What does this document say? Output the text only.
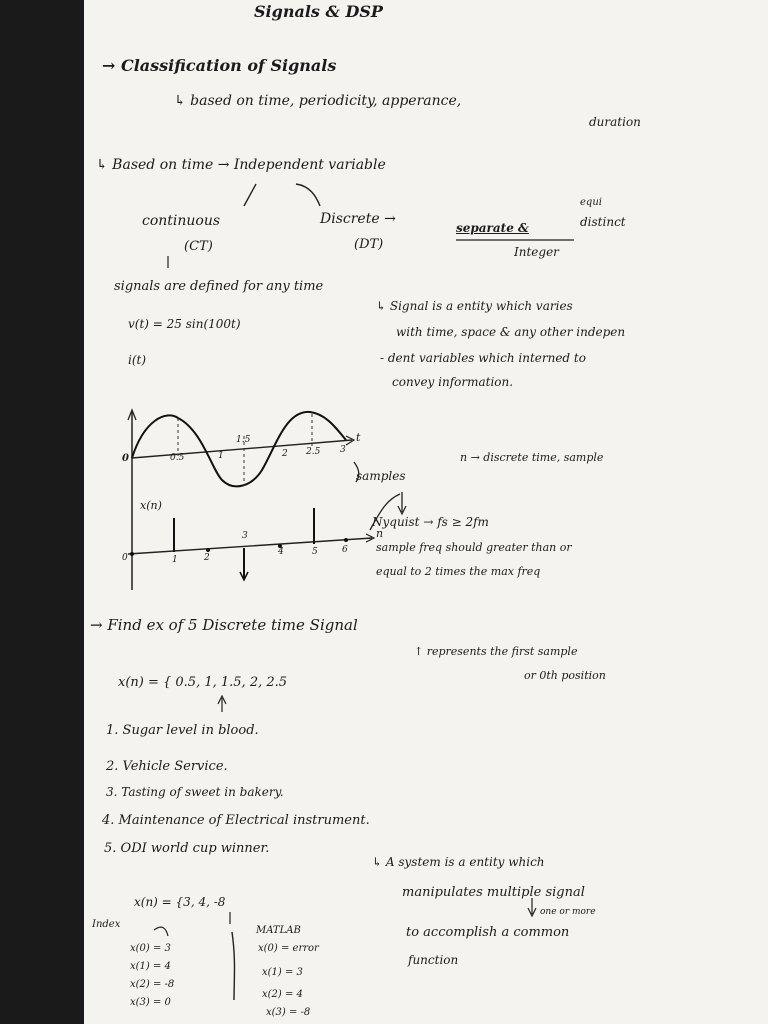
Signals & DSP
→ Classification of Signals
↳ based on time, periodicity, apperance,
duration
↳ Based on time → Independent variable
continuous
(CT)
Discrete →
(DT)
separate &
equi
distinct
Integer
signals are defined for any time
v(t) = 25 sin(100t)
i(t)
↳ Signal is a entity which varies
with time, space & any other indepen
- dent variables which interned to
convey information.
0
t
0.5	1
1.5
2 2.5 3
x(n)
n
0	1	2
3
4	5	6
samples
n → discrete time, sample
Nyquist → fs ≥ 2fm
sample freq should greater than or
equal to 2 times the max freq
→ Find ex of 5 Discrete time Signal
x(n) = { 0.5, 1, 1.5, 2, 2.5
↑ represents the first sample
or 0th position
1. Sugar level in blood.
2. Vehicle Service.
3. Tasting of sweet in bakery.
4. Maintenance of Electrical instrument.
5. ODI world cup winner.
↳ A system is a entity which
manipulates multiple signal
one or more
to accomplish a common
function
x(n) = {3, 4, -8
Index
x(0) = 3
x(1) = 4
x(2) = -8
x(3) = 0
MATLAB
x(0) = error
x(1) = 3
x(2) = 4
x(3) = -8
